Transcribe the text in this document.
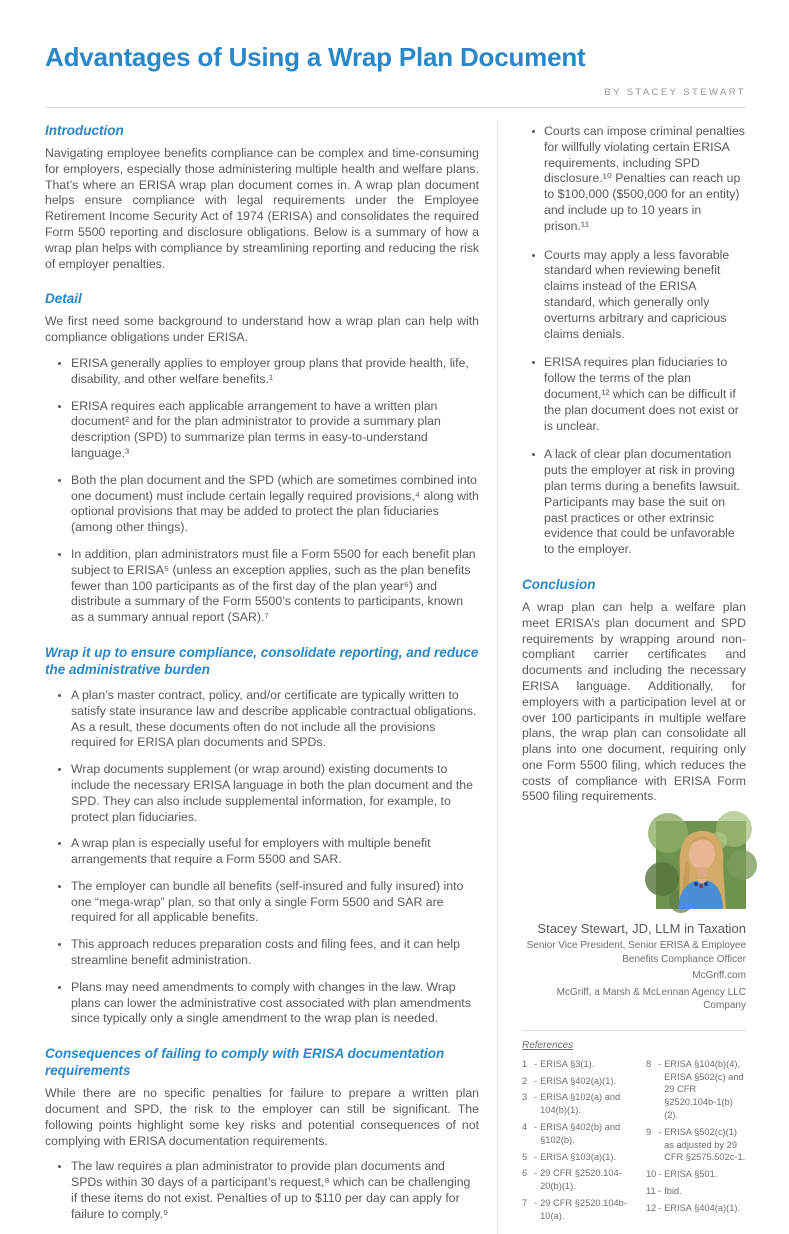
Advantages of Using a Wrap Plan Document
BY STACEY STEWART
Introduction

Navigating employee benefits compliance can be complex and time-consuming for employers, especially those administering multiple health and welfare plans. That’s where an ERISA wrap plan document comes in. A wrap plan document helps ensure compliance with legal requirements under the Employee Retirement Income Security Act of 1974 (ERISA) and consolidates the required Form 5500 reporting and disclosure obligations. Below is a summary of how a wrap plan helps with compliance by streamlining reporting and reducing the risk of employer penalties.

Detail

We first need some background to understand how a wrap plan can help with compliance obligations under ERISA.

ERISA generally applies to employer group plans that provide health, life, disability, and other welfare benefits.¹
ERISA requires each applicable arrangement to have a written plan document² and for the plan administrator to provide a summary plan description (SPD) to summarize plan terms in easy-to-understand language.³
Both the plan document and the SPD (which are sometimes combined into one document) must include certain legally required provisions,⁴ along with optional provisions that may be added to protect the plan fiduciaries (among other things).
In addition, plan administrators must file a Form 5500 for each benefit plan subject to ERISA⁵ (unless an exception applies, such as the plan benefits fewer than 100 participants as of the first day of the plan year⁶) and distribute a summary of the Form 5500’s contents to participants, known as a summary annual report (SAR).⁷
Wrap it up to ensure compliance, consolidate reporting, and reduce the administrative burden
A plan’s master contract, policy, and/or certificate are typically written to satisfy state insurance law and describe applicable contractual obligations. As a result, these documents often do not include all the provisions required for ERISA plan documents and SPDs.
Wrap documents supplement (or wrap around) existing documents to include the necessary ERISA language in both the plan document and the SPD. They can also include supplemental information, for example, to protect plan fiduciaries.
A wrap plan is especially useful for employers with multiple benefit arrangements that require a Form 5500 and SAR.
The employer can bundle all benefits (self-insured and fully insured) into one “mega-wrap” plan, so that only a single Form 5500 and SAR are required for all applicable benefits.
This approach reduces preparation costs and filing fees, and it can help streamline benefit administration.
Plans may need amendments to comply with changes in the law. Wrap plans can lower the administrative cost associated with plan amendments since typically only a single amendment to the wrap plan is needed.
Consequences of failing to comply with ERISA documentation requirements

While there are no specific penalties for failure to prepare a written plan document and SPD, the risk to the employer can still be significant. The following points highlight some key risks and potential consequences of not complying with ERISA documentation requirements.

The law requires a plan administrator to provide plan documents and SPDs within 30 days of a participant’s request,⁸ which can be challenging if these items do not exist. Penalties of up to $110 per day can apply for failure to comply.⁹
Courts can impose criminal penalties for willfully violating certain ERISA requirements, including SPD disclosure.¹⁰ Penalties can reach up to $100,000 ($500,000 for an entity) and include up to 10 years in prison.¹¹
Courts may apply a less favorable standard when reviewing benefit claims instead of the ERISA standard, which generally only overturns arbitrary and capricious claims denials.
ERISA requires plan fiduciaries to follow the terms of the plan document,¹² which can be difficult if the plan document does not exist or is unclear.
A lack of clear plan documentation puts the employer at risk in proving plan terms during a benefits lawsuit. Participants may base the suit on past practices or other extrinsic evidence that could be unfavorable to the employer.
Conclusion

A wrap plan can help a welfare plan meet ERISA’s plan document and SPD requirements by wrapping around non-compliant carrier certificates and documents and including the necessary ERISA language. Additionally, for employers with a participation level at or over 100 participants in multiple welfare plans, the wrap plan can consolidate all plans into one document, requiring only one Form 5500 filing, which reduces the costs of compliance with ERISA Form 5500 filing requirements.

Stacey Stewart, JD, LLM in Taxation
Senior Vice President, Senior ERISA & Employee Benefits Compliance Officer
McGriff.com
McGriff, a Marsh & McLennan Agency LLC Company
References
1 - ERISA §3(1).
2 - ERISA §402(a)(1).
3 - ERISA §102(a) and 104(b)(1).
4 - ERISA §402(b) and §102(b).
5 - ERISA §103(a)(1).
6 - 29 CFR §2520.104-20(b)(1).
7 - 29 CFR §2520.104b-10(a).
8 - ERISA §104(b)(4), ERISA §502(c) and 29 CFR §2520.104b-1(b)(2).
9 - ERISA §502(c)(1) as adjusted by 29 CFR §2575.502c-1.
10 - ERISA §501.
11 - Ibid.
12 - ERISA §404(a)(1).
